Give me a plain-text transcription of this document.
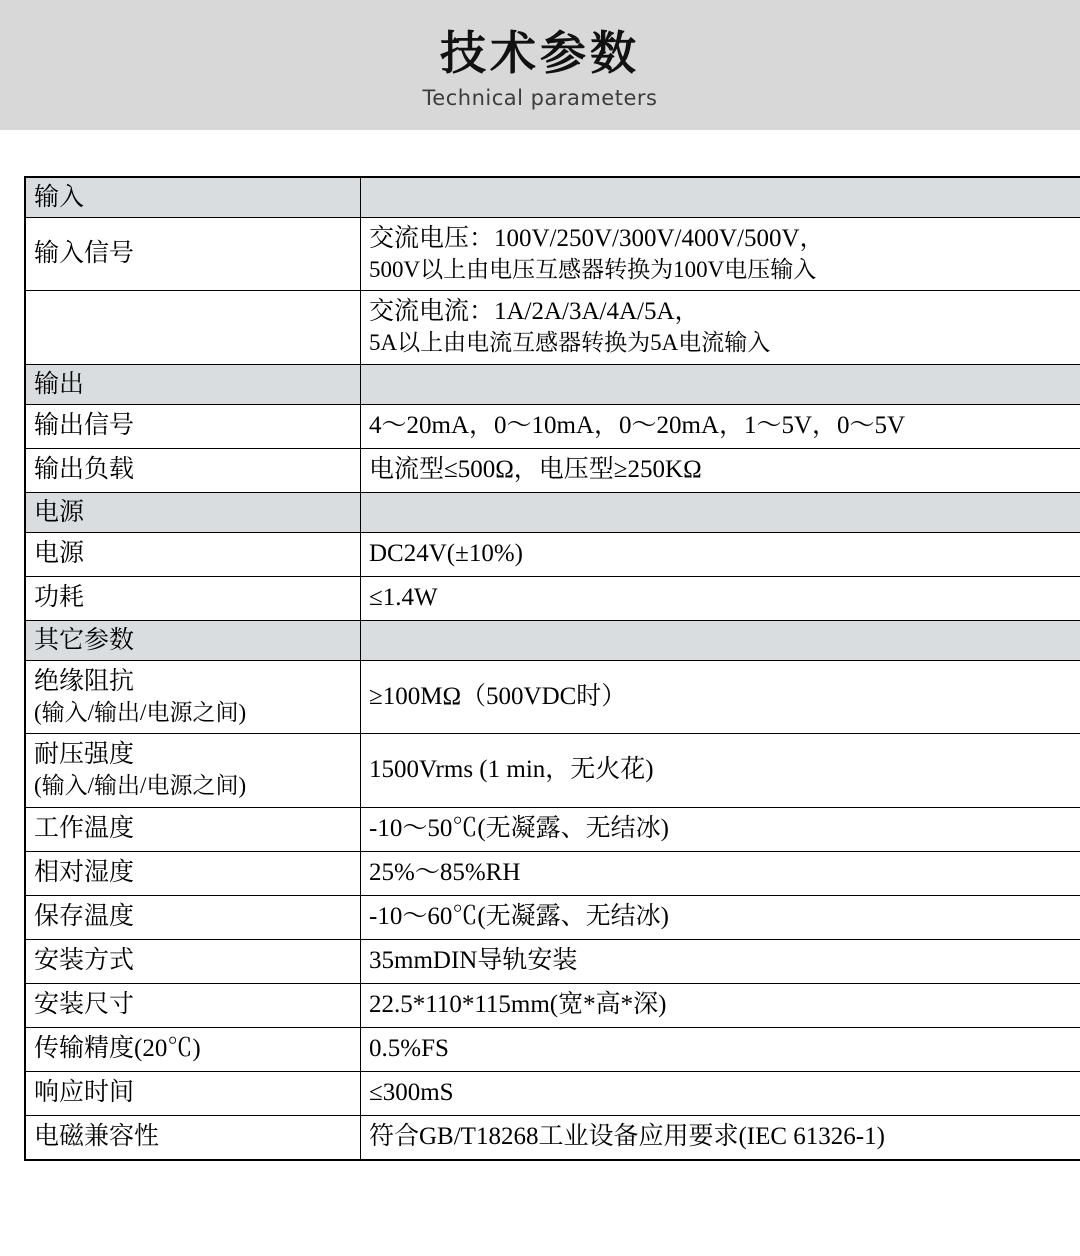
技术参数
Technical parameters
输入	
输入信号	交流电压：100V/250V/300V/400V/500V，
500V以上由电压互感器转换为100V电压输入

	交流电流：1A/2A/3A/4A/5A，
5A以上由电流互感器转换为5A电流输入

输出	
输出信号	4～20mA，0～10mA，0～20mA，1～5V，0～5V
输出负载	电流型≤500Ω，电压型≥250KΩ
电源	
电源	DC24V(±10%)
功耗	≤1.4W
其它参数	

绝缘阻抗
(输入/输出/电源之间)	≥100MΩ（500VDC时）

耐压强度
(输入/输出/电源之间)	1500Vrms (1 min，无火花)
工作温度	-10～50℃(无凝露、无结冰)
相对湿度	25%～85%RH
保存温度	-10～60℃(无凝露、无结冰)
安装方式	35mmDIN导轨安装
安装尺寸	22.5*110*115mm(宽*高*深)
传输精度(20℃)	0.5%FS
响应时间	≤300mS
电磁兼容性	符合GB/T18268工业设备应用要求(IEC 61326-1)
